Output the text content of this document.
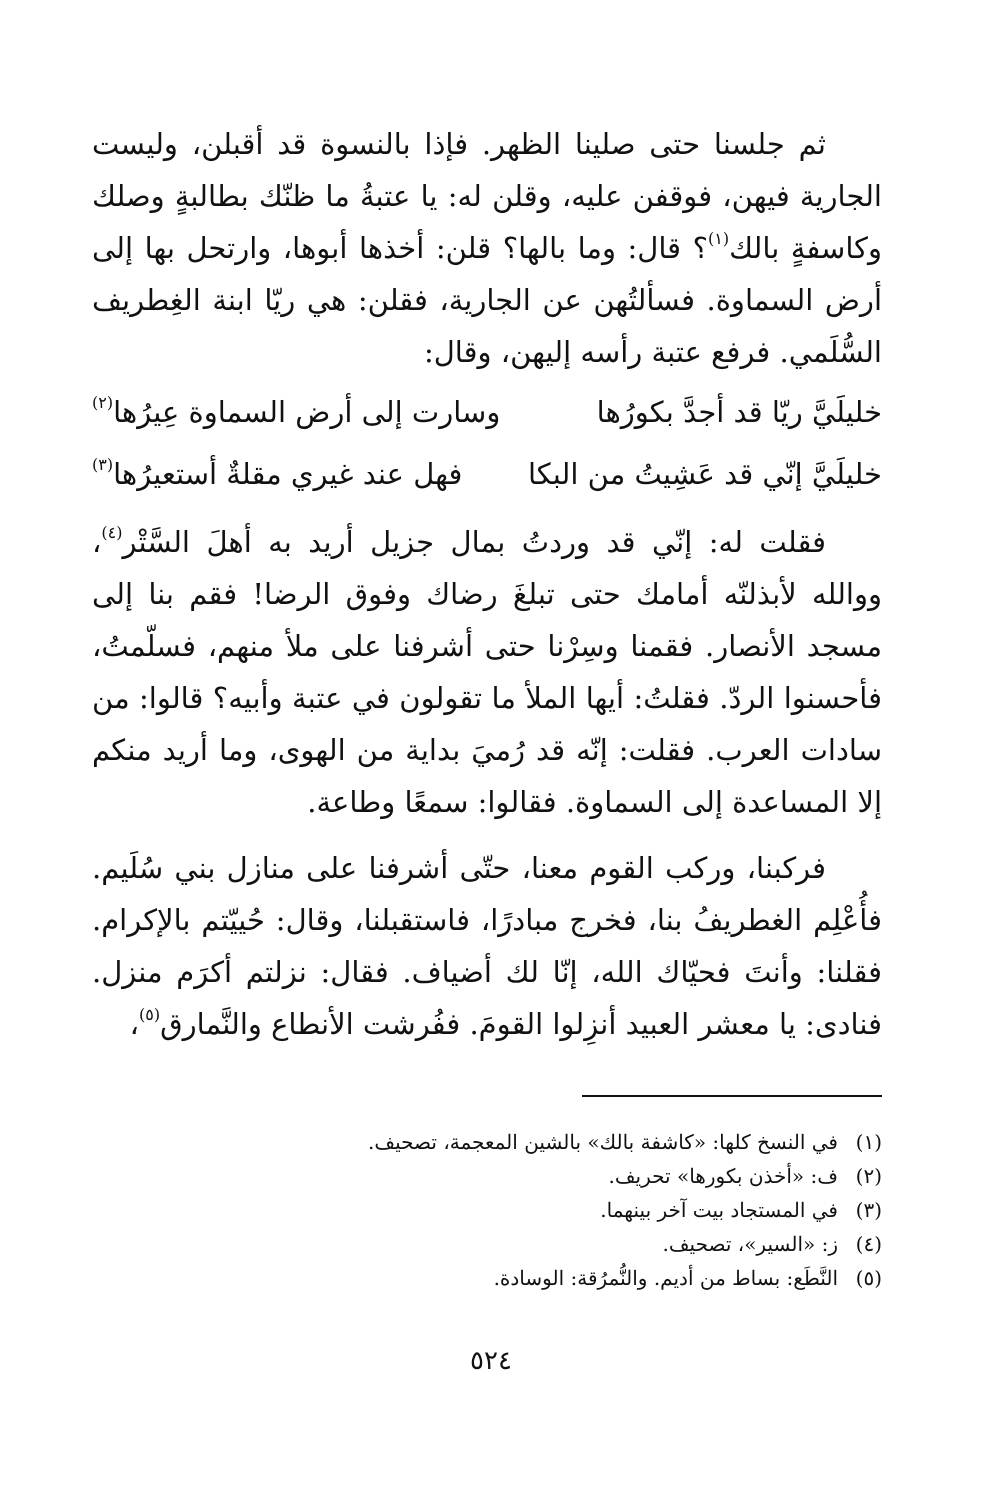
ثم جلسنا حتى صلينا الظهر. فإذا بالنسوة قد أقبلن، وليست الجارية فيهن، فوقفن عليه، وقلن له: يا عتبةُ ما ظنّك بطالبةٍ وصلك وكاسفةٍ بالك$^{(١)}$؟ قال: وما بالها؟ قلن: أخذها أبوها، وارتحل بها إلى أرض السماوة. فسألتُهن عن الجارية، فقلن: هي ريّا ابنة الغِطريف السُّلَمي. فرفع عتبة رأسه إليهن، وقال:

خليلَيَّ ريّا قد أجدَّ بكورُها
وسارت إلى أرض السماوة عِيرُها$^{(٢)}$
خليلَيَّ إنّي قد عَشِيتُ من البكا
فهل عند غيري مقلةٌ أستعيرُها$^{(٣)}$

فقلت له: إنّي قد وردتُ بمال جزيل أريد به أهلَ السَّتْر$^{(٤)}$، ووالله لأبذلنّه أمامك حتى تبلغَ رضاك وفوق الرضا! فقم بنا إلى مسجد الأنصار. فقمنا وسِرْنا حتى أشرفنا على ملأ منهم، فسلّمتُ، فأحسنوا الردّ. فقلتُ: أيها الملأ ما تقولون في عتبة وأبيه؟ قالوا: من سادات العرب. فقلت: إنّه قد رُميَ بداية من الهوى، وما أريد منكم إلا المساعدة إلى السماوة. فقالوا: سمعًا وطاعة.

فركبنا، وركب القوم معنا، حتّى أشرفنا على منازل بني سُلَيم. فأُعْلِم الغطريفُ بنا، فخرج مبادرًا، فاستقبلنا، وقال: حُييّتم بالإكرام. فقلنا: وأنتَ فحيّاك الله، إنّا لك أضياف. فقال: نزلتم أكرَم منزل. فنادى: يا معشر العبيد أنزِلوا القومَ. ففُرشت الأنطاع والنَّمارق$^{(٥)}$،

(١)
في النسخ كلها: «كاشفة بالك» بالشين المعجمة، تصحيف.

(٢)
ف: «أخذن بكورها» تحريف.

(٣)
في المستجاد بيت آخر بينهما.

(٤)
ز: «السير»، تصحيف.

(٥)
النَّطَع: بساط من أديم. والنُّمرُقة: الوسادة.

٥٢٤
